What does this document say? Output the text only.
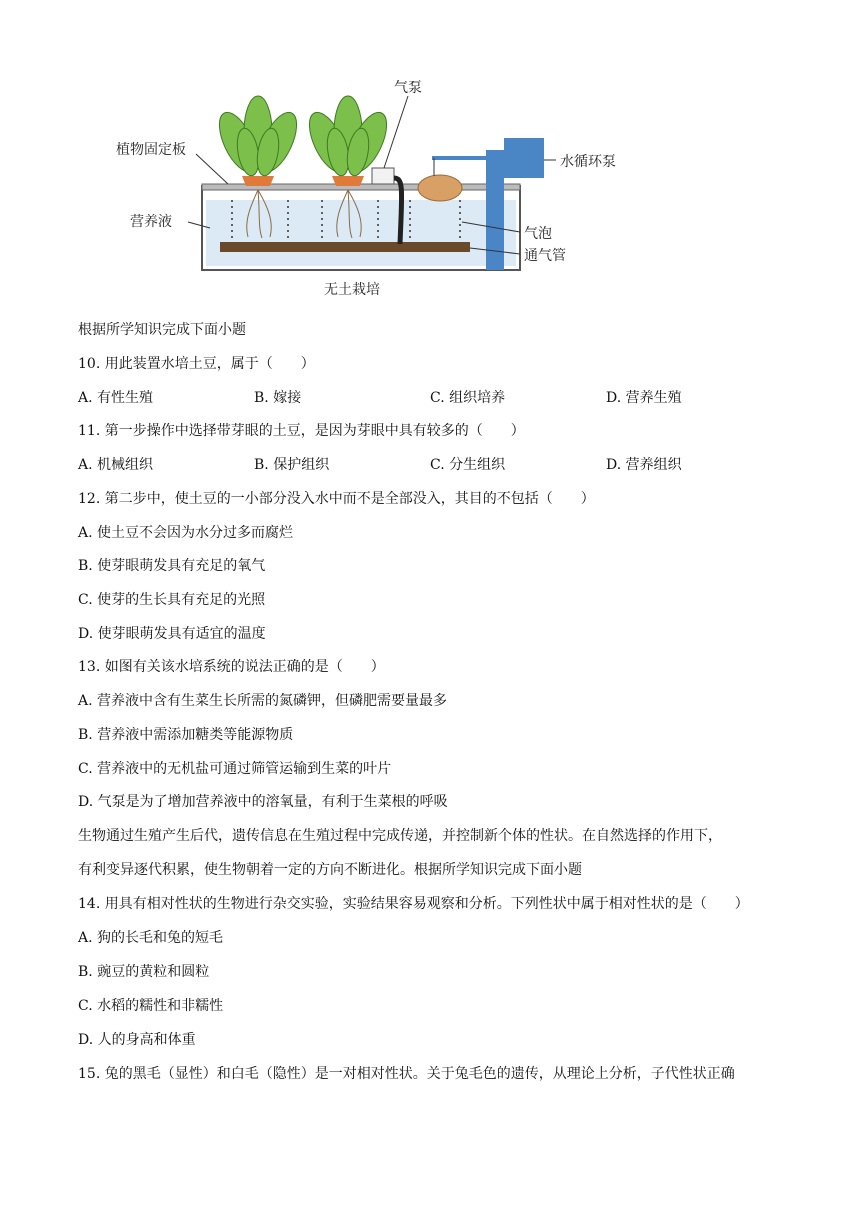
气泵
植物固定板
水循环泵
营养液
气泡
通气管
无土栽培
根据所学知识完成下面小题
10. 用此装置水培土豆，属于（　　）
A. 有性生殖	B. 嫁接	C. 组织培养	D. 营养生殖
11. 第一步操作中选择带芽眼的土豆，是因为芽眼中具有较多的（　　）
A. 机械组织	B. 保护组织	C. 分生组织	D. 营养组织
12. 第二步中，使土豆的一小部分没入水中而不是全部没入，其目的不包括（　　）
A. 使土豆不会因为水分过多而腐烂
B. 使芽眼萌发具有充足的氧气
C. 使芽的生长具有充足的光照
D. 使芽眼萌发具有适宜的温度
13. 如图有关该水培系统的说法正确的是（　　）
A. 营养液中含有生菜生长所需的氮磷钾，但磷肥需要量最多
B. 营养液中需添加糖类等能源物质
C. 营养液中的无机盐可通过筛管运输到生菜的叶片
D. 气泵是为了增加营养液中的溶氧量，有利于生菜根的呼吸
生物通过生殖产生后代，遗传信息在生殖过程中完成传递，并控制新个体的性状。在自然选择的作用下，
有利变异逐代积累，使生物朝着一定的方向不断进化。根据所学知识完成下面小题
14. 用具有相对性状的生物进行杂交实验，实验结果容易观察和分析。下列性状中属于相对性状的是（　　）
A. 狗的长毛和兔的短毛
B. 豌豆的黄粒和圆粒
C. 水稻的糯性和非糯性
D. 人的身高和体重
15. 兔的黑毛（显性）和白毛（隐性）是一对相对性状。关于兔毛色的遗传，从理论上分析，子代性状正确
